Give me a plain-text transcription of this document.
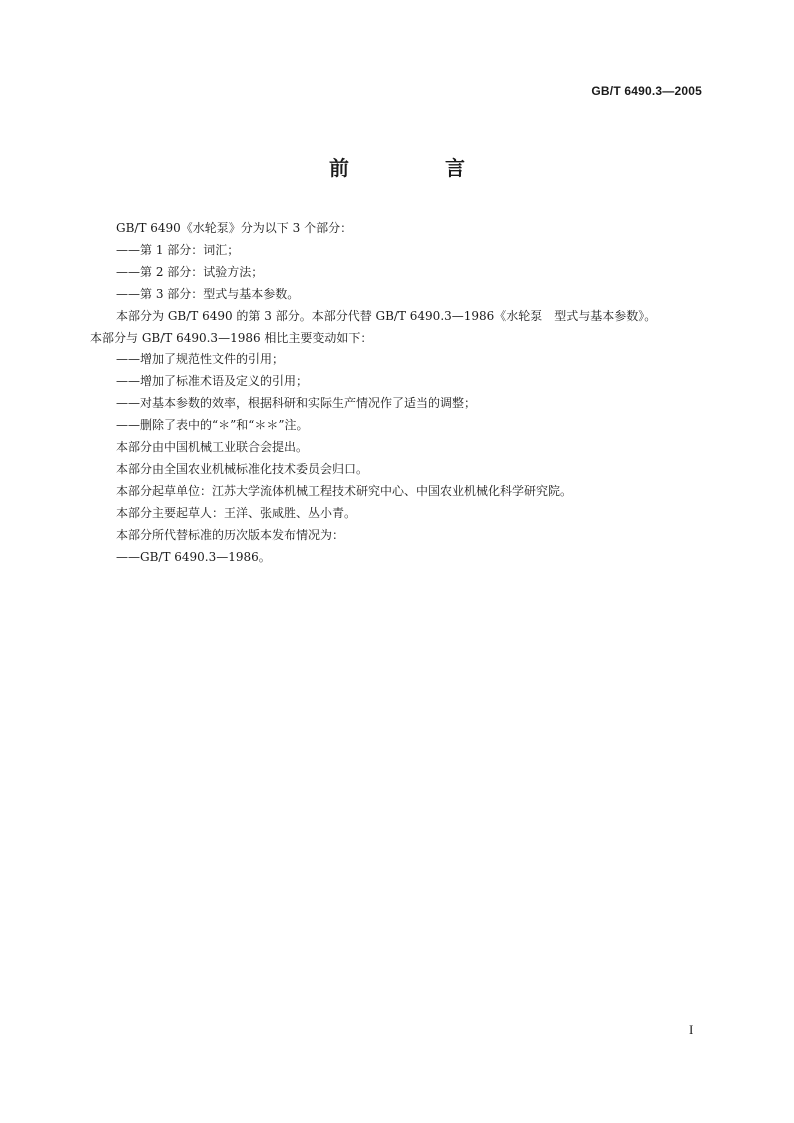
GB/T 6490.3—2005
前　言

GB/T 6490《水轮泵》分为以下 3 个部分：

——第 1 部分：词汇；

——第 2 部分：试验方法；

——第 3 部分：型式与基本参数。

本部分为 GB/T 6490 的第 3 部分。本部分代替 GB/T 6490.3—1986《水轮泵　型式与基本参数》。

本部分与 GB/T 6490.3—1986 相比主要变动如下：

——增加了规范性文件的引用；

——增加了标准术语及定义的引用；

——对基本参数的效率，根据科研和实际生产情况作了适当的调整；

——删除了表中的“＊”和“＊＊”注。

本部分由中国机械工业联合会提出。

本部分由全国农业机械标准化技术委员会归口。

本部分起草单位：江苏大学流体机械工程技术研究中心、中国农业机械化科学研究院。

本部分主要起草人：王洋、张咸胜、丛小青。

本部分所代替标准的历次版本发布情况为：

——GB/T 6490.3—1986。

I
